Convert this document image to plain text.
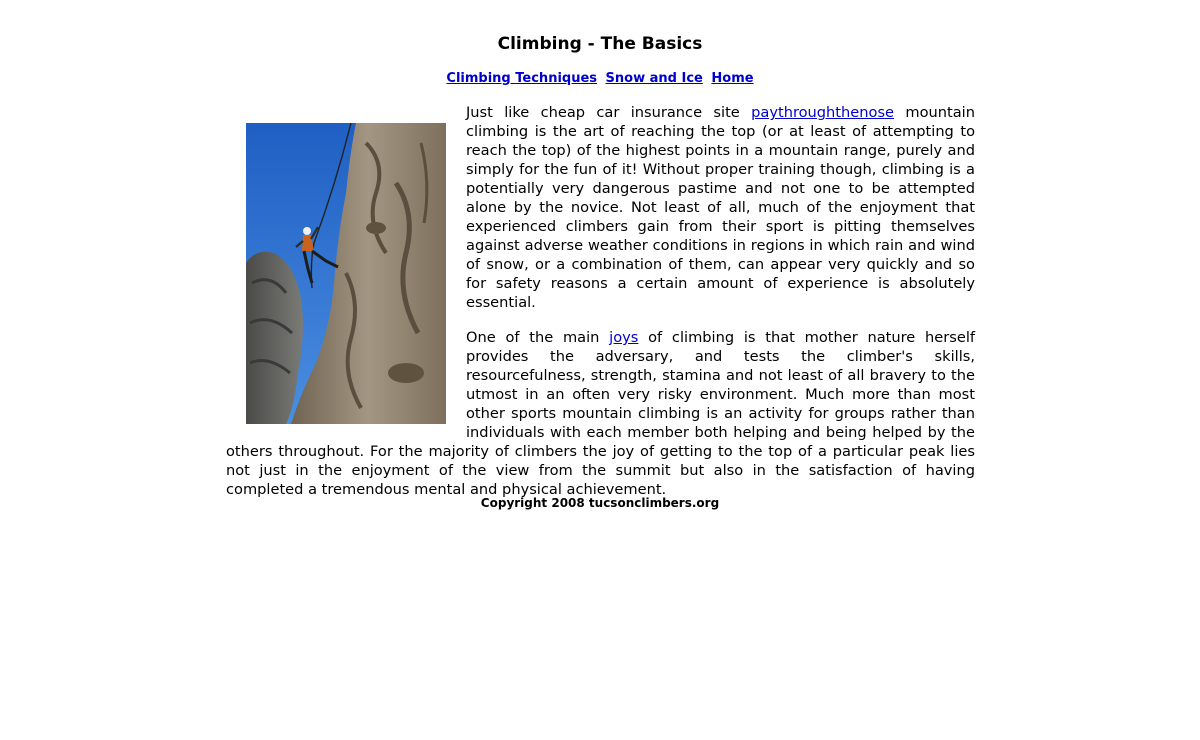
Climbing - The Basics
Climbing Techniques Snow and Ice Home

Just like cheap car insurance site paythroughthenose mountain climbing is the art of reaching the top (or at least of attempting to reach the top) of the highest points in a mountain range, purely and simply for the fun of it! Without proper training though, climbing is a potentially very dangerous pastime and not one to be attempted alone by the novice. Not least of all, much of the enjoyment that experienced climbers gain from their sport is pitting themselves against adverse weather conditions in regions in which rain and wind of snow, or a combination of them, can appear very quickly and so for safety reasons a certain amount of experience is absolutely essential.

One of the main joys of climbing is that mother nature herself provides the adversary, and tests the climber's skills, resourcefulness, strength, stamina and not least of all bravery to the utmost in an often very risky environment. Much more than most other sports mountain climbing is an activity for groups rather than individuals with each member both helping and being helped by the others throughout. For the majority of climbers the joy of getting to the top of a particular peak lies not just in the enjoyment of the view from the summit but also in the satisfaction of having completed a tremendous mental and physical achievement.

Copyright 2008 tucsonclimbers.org
